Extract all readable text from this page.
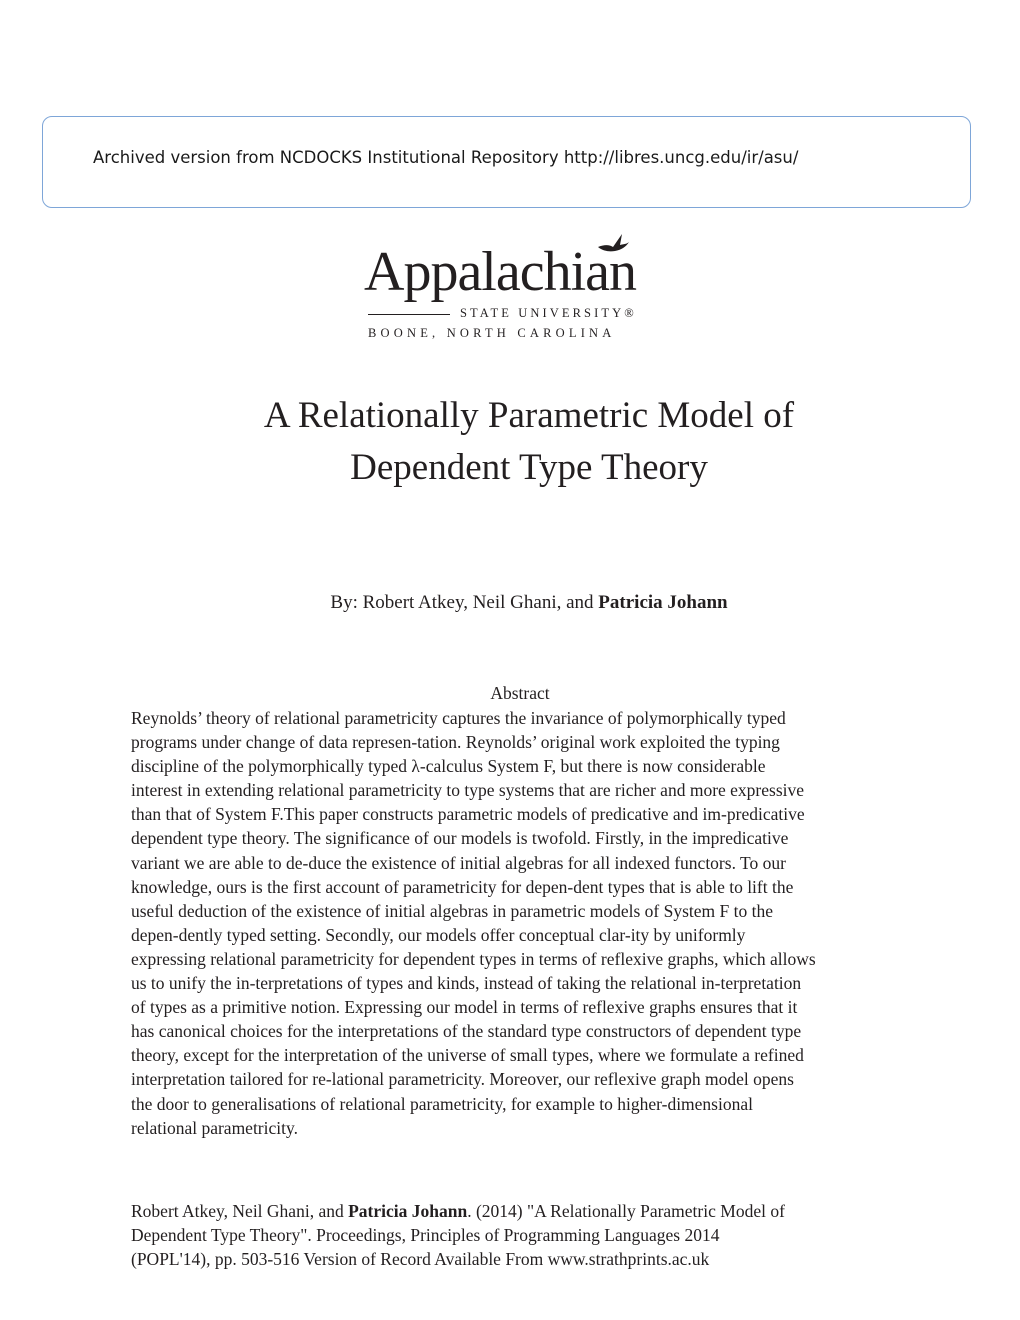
Archived version from NCDOCKS Institutional Repository http://libres.uncg.edu/ir/asu/
Appalachian
STATE UNIVERSITY®
BOONE, NORTH CAROLINA
A Relationally Parametric Model of
Dependent Type Theory
By: Robert Atkey, Neil Ghani, and Patricia Johann
Abstract
Reynolds’ theory of relational parametricity captures the invariance of polymorphically typed
programs under change of data represen-tation. Reynolds’ original work exploited the typing
discipline of the polymorphically typed λ-calculus System F, but there is now considerable
interest in extending relational parametricity to type systems that are richer and more expressive
than that of System F.This paper constructs parametric models of predicative and im-predicative
dependent type theory. The significance of our models is twofold. Firstly, in the impredicative
variant we are able to de-duce the existence of initial algebras for all indexed functors. To our
knowledge, ours is the first account of parametricity for depen-dent types that is able to lift the
useful deduction of the existence of initial algebras in parametric models of System F to the
depen-dently typed setting. Secondly, our models offer conceptual clar-ity by uniformly
expressing relational parametricity for dependent types in terms of reflexive graphs, which allows
us to unify the in-terpretations of types and kinds, instead of taking the relational in-terpretation
of types as a primitive notion. Expressing our model in terms of reflexive graphs ensures that it
has canonical choices for the interpretations of the standard type constructors of dependent type
theory, except for the interpretation of the universe of small types, where we formulate a refined
interpretation tailored for re-lational parametricity. Moreover, our reflexive graph model opens
the door to generalisations of relational parametricity, for example to higher-dimensional
relational parametricity.
Robert Atkey, Neil Ghani, and Patricia Johann. (2014) "A Relationally Parametric Model of
Dependent Type Theory". Proceedings, Principles of Programming Languages 2014
(POPL'14), pp. 503-516 Version of Record Available From www.strathprints.ac.uk
